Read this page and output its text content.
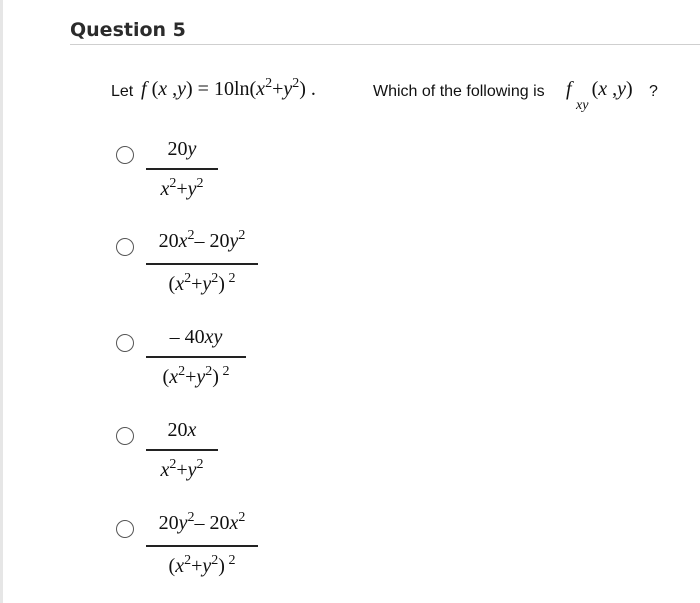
Question 5
Let f (x $,y) = 10\ln(x^2+y^2)$ .	Which of the following is f
xy
(x ,y) ?
20y
$x^2+y^2$
$20x^2-$ $20y^2$
$(x^2+y^2)$ $^2$
– 40xy
$(x^2+y^2)$ $^2$
20x
$x^2+y^2$
$20y^2-$ $20x^2$
$(x^2+y^2)$ $^2$
